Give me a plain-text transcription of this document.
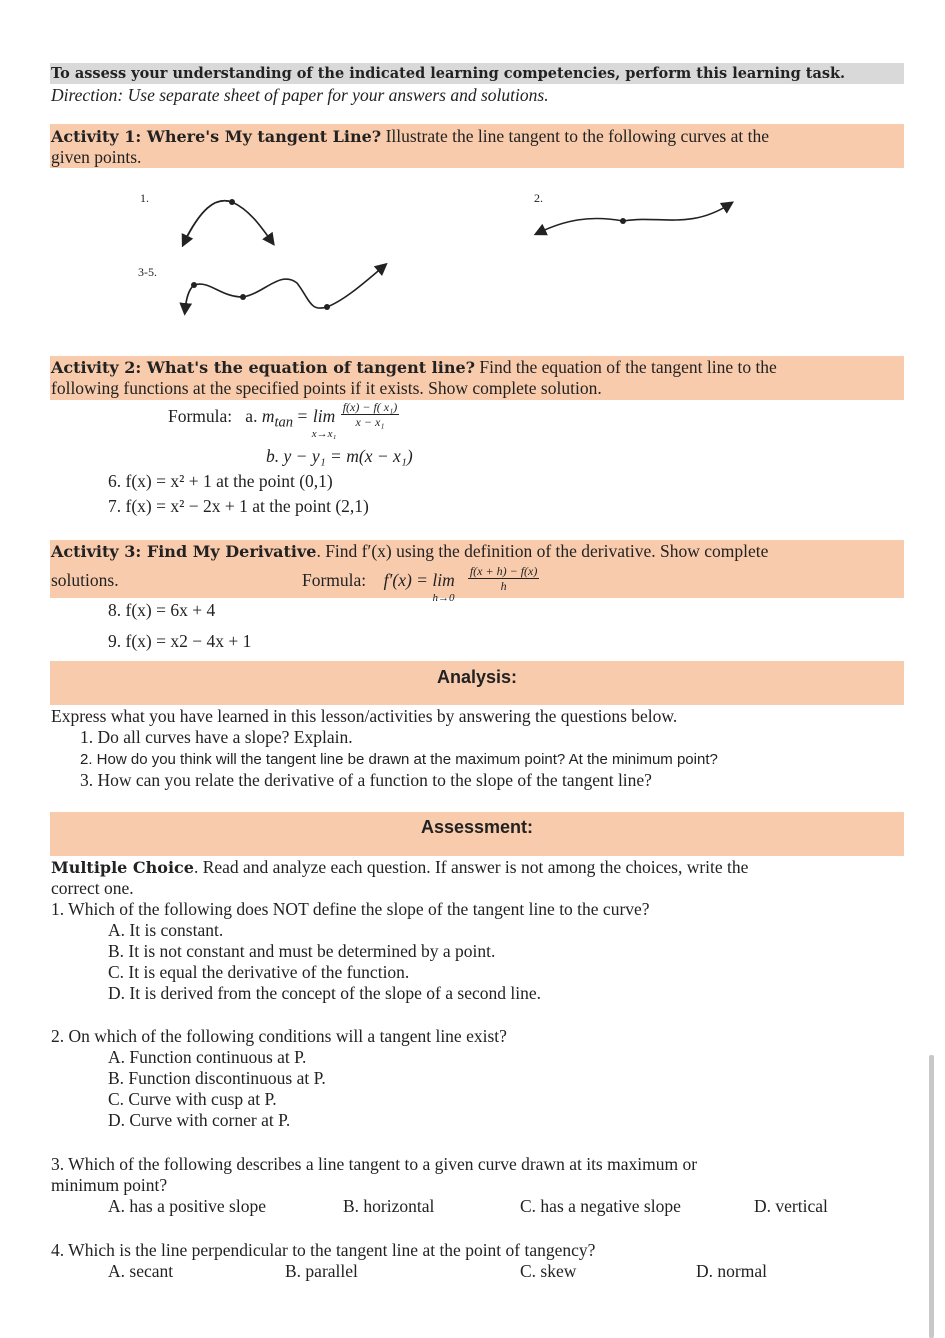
To assess your understanding of the indicated learning competencies, perform this learning task.
Direction: Use separate sheet of paper for your answers and solutions.
Activity 1: Where's My tangent Line? Illustrate the line tangent to the following curves at the
given points.
1.	2.
3-5.
Activity 2: What's the equation of tangent line? Find the equation of the tangent line to the
following functions at the specified points if it exists. Show complete solution.
Formula: a. $m_{tan} = \lim$
$^{x\to x_1}$
$\frac{\text{f(x) − f( x₁)}}{\text{x − x₁}}$
b. y − y₁ = m(x − x₁)
6. f(x) = x² + 1 at the point (0,1)
7. f(x) = x² − 2x + 1 at the point (2,1)
Activity 3: Find My Derivative. Find f′(x) using the definition of the derivative. Show complete
solutions.	Formula: f′(x) = lim
$^{h\to 0}$
$\frac{f(x + h) - f(x)}{h}$
8. f(x) = 6x + 4
9. f(x) = x2 − 4x + 1
Analysis:
Express what you have learned in this lesson/activities by answering the questions below.
1. Do all curves have a slope? Explain.
2. How do you think will the tangent line be drawn at the maximum point? At the minimum point?
3. How can you relate the derivative of a function to the slope of the tangent line?
Assessment:
Multiple Choice. Read and analyze each question. If answer is not among the choices, write the
correct one.
1. Which of the following does NOT define the slope of the tangent line to the curve?
A. It is constant.
B. It is not constant and must be determined by a point.
C. It is equal the derivative of the function.
D. It is derived from the concept of the slope of a second line.
2. On which of the following conditions will a tangent line exist?
A. Function continuous at P.
B. Function discontinuous at P.
C. Curve with cusp at P.
D. Curve with corner at P.
3. Which of the following describes a line tangent to a given curve drawn at its maximum or
minimum point?
A. has a positive slope	B. horizontal	C. has a negative slope	D. vertical
4. Which is the line perpendicular to the tangent line at the point of tangency?
A. secant	B. parallel	C. skew	D. normal
